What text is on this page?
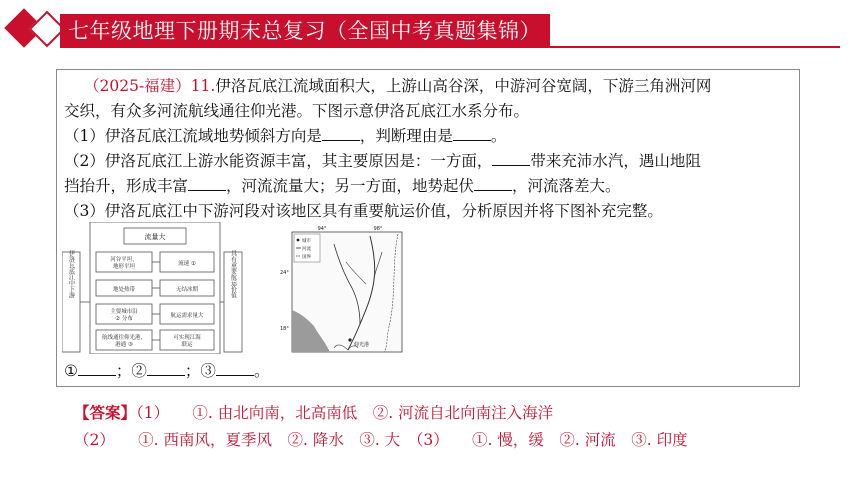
七年级地理下册期末总复习（全国中考真题集锦）

（2025-福建）11.伊洛瓦底江流域面积大，上游山高谷深，中游河谷宽阔，下游三角洲河网

交织，有众多河流航线通往仰光港。下图示意伊洛瓦底江水系分布。

（1）伊洛瓦底江流域地势倾斜方向是 ，判断理由是 。

（2）伊洛瓦底江上游水能资源丰富，其主要原因是：一方面， 带来充沛水汽，遇山地阻

挡抬升，形成丰富 ，河流流量大；另一方面，地势起伏 ，河流落差大。

（3）伊洛瓦底江中下游河段对该地区具有重要航运价值，分析原因并将下图补充完整。

流量大
伊洛瓦底江中下游	具有重要航运价值
河谷平坦，
地形平坦	流速 ①
地处热带	无结冰期
主要城市沿
② 分布	航运需求量大
航线通往仰光港，
港通 ③
可实现江海
联运
94°	98°
24°
18°
城市
河流
国界
仰光港
① ；② ；③ 。

【答案】（1）　　①. 由北向南，北高南低　②. 河流自北向南注入海洋

（2）　　①. 西南风，夏季风　②. 降水　③. 大　（3）　　①. 慢，缓　②. 河流　③. 印度
